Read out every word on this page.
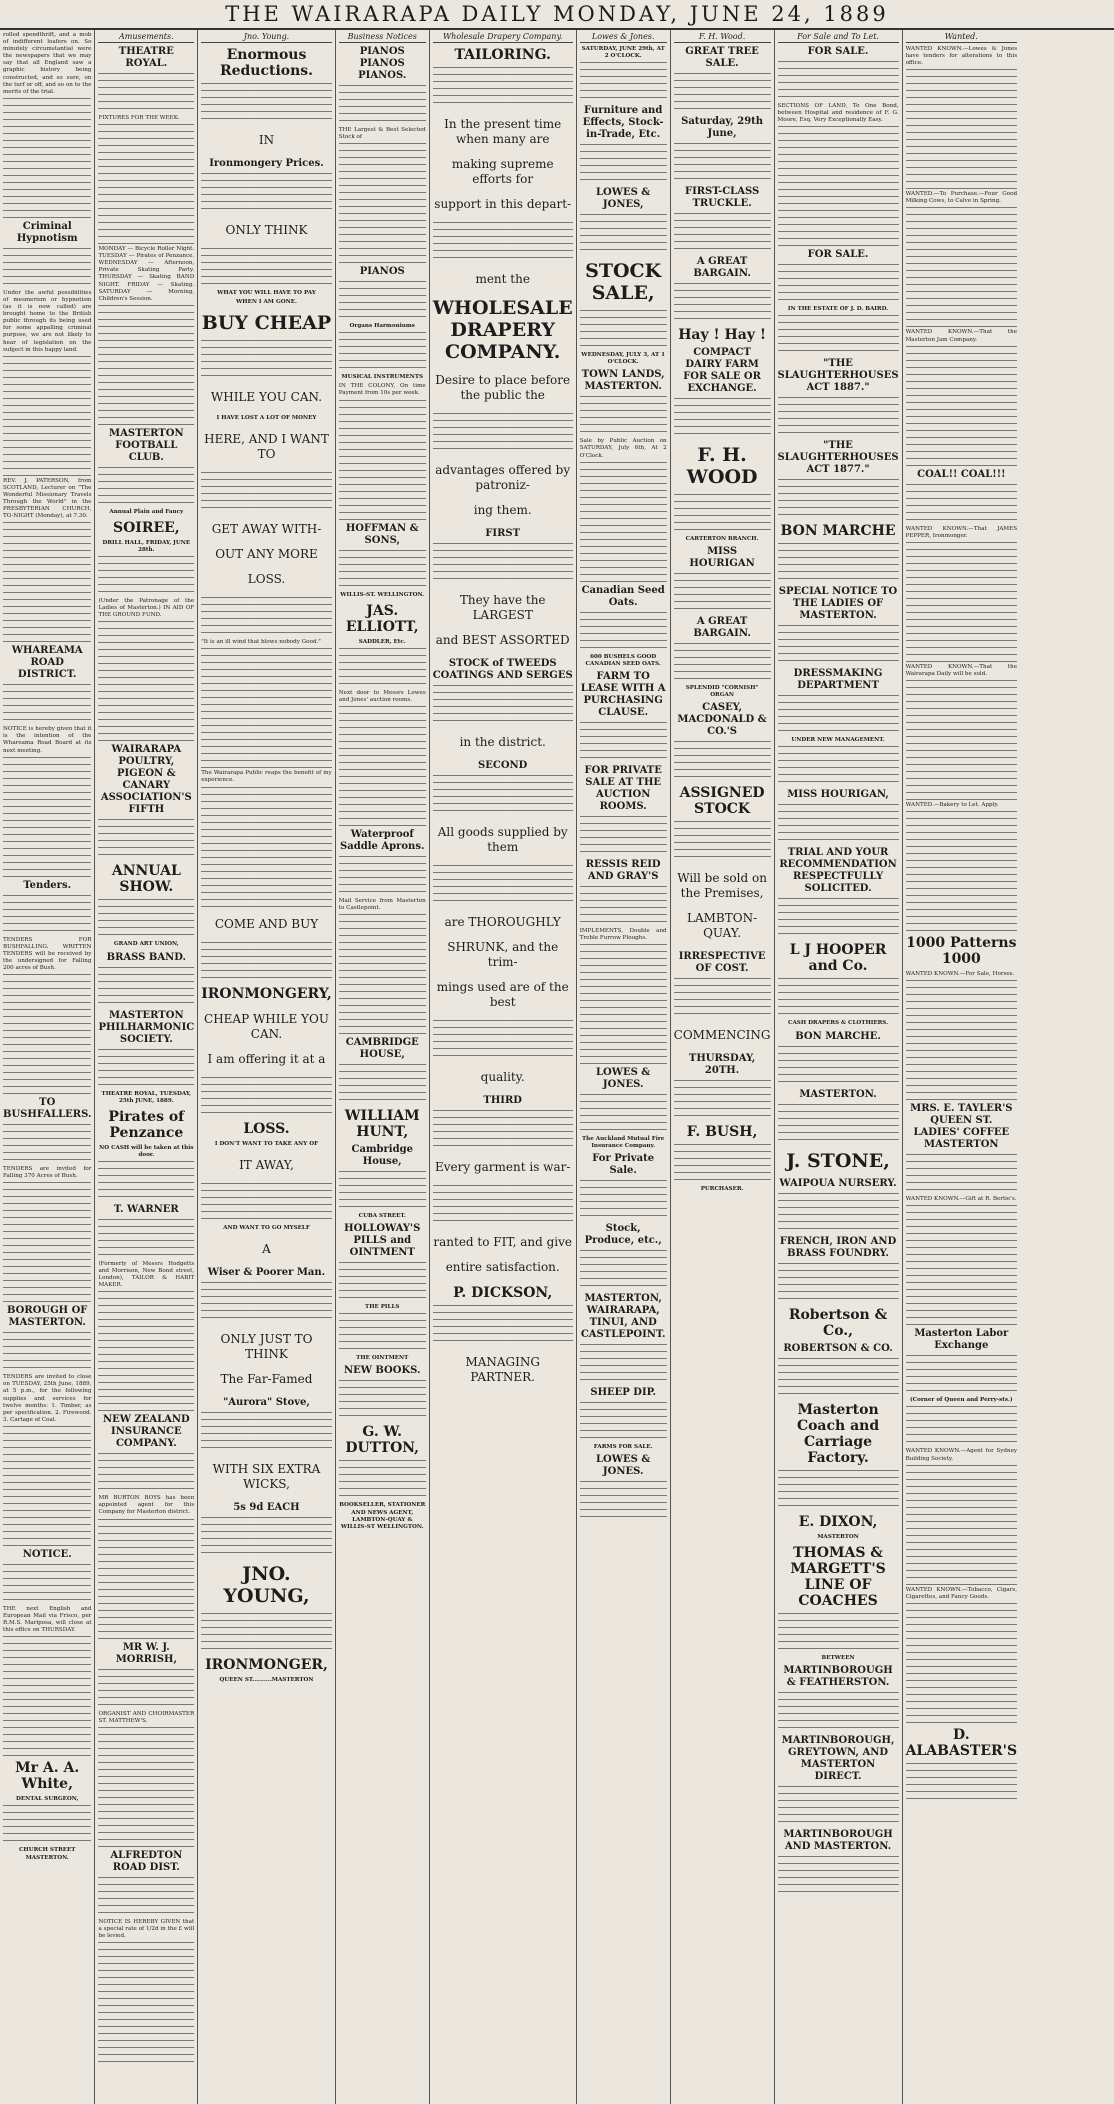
THE WAIRARAPA DAILY MONDAY, JUNE 24, 1889
rolled spendthrift, and a mob of indifferent loafers on. So minutely circumstantial were the newspapers that we may say that all England saw a graphic history being constructed, and so sure, on the turf or off, and so on to the merits of the trial.
Criminal Hypnotism
Under the awful possibilities of mesmerism or hypnotism (as it is now called) are brought home to the British public through its being used for some appalling criminal purpose, we are not likely to hear of legislation on the subject in this happy land.
REV. J. PATERSON, from SCOTLAND, Lecturer on "The Wonderful Missionary Travels Through the World" in the PRESBYTERIAN CHURCH, TO-NIGHT (Monday), at 7.30.
WHAREAMA ROAD DISTRICT.
NOTICE is hereby given that it is the intention of the Whareama Road Board at its next meeting.
Tenders.
TENDERS FOR BUSHFALLING. WRITTEN TENDERS will be received by the undersigned for Falling 200 acres of Bush.
TO BUSHFALLERS.
TENDERS are invited for Falling 370 Acres of Bush.
BOROUGH OF MASTERTON.
TENDERS are invited to close on TUESDAY, 25th June, 1889, at 5 p.m., for the following supplies and services for twelve months: 1. Timber, as per specification. 2. Firewood. 3. Cartage of Coal.
NOTICE.
THE next English and European Mail via Frisco, per R.M.S. Mariposa, will close at this office on THURSDAY.
Mr A. A. White,
DENTAL SURGEON,
CHURCH STREET MASTERTON.
Amusements.
THEATRE ROYAL.
FIXTURES FOR THE WEEK.
MONDAY — Bicycle Roller Night. TUESDAY — Pirates of Penzance. WEDNESDAY — Afternoon, Private Skating Party. THURSDAY — Skating BAND NIGHT. FRIDAY — Skating. SATURDAY — Morning, Children's Session.
MASTERTON FOOTBALL CLUB.
Annual Plain and Fancy
SOIREE,
DRILL HALL, FRIDAY, JUNE 28th.
(Under the Patronage of the Ladies of Masterton.) IN AID OF THE GROUND FUND.
WAIRARAPA POULTRY, PIGEON & CANARY ASSOCIATION'S FIFTH
ANNUAL SHOW.
GRAND ART UNION,
BRASS BAND.
MASTERTON PHILHARMONIC SOCIETY.
THEATRE ROYAL, TUESDAY, 25th JUNE, 1889.
Pirates of Penzance
NO CASH will be taken at this door.
T. WARNER
(Formerly of Messrs Hodgetts and Morrison, New Bond street, London), TAILOR & HABIT MAKER.
NEW ZEALAND INSURANCE COMPANY.
MR BURTON BOYS has been appointed agent for this Company for Masterton district.
MR W. J. MORRISH,
ORGANIST AND CHOIRMASTER ST. MATTHEW'S.
ALFREDTON ROAD DIST.
NOTICE IS HEREBY GIVEN that a special rate of 1/2d in the £ will be levied.
Jno. Young.
Enormous Reductions.
IN
Ironmongery Prices.
ONLY THINK
WHAT YOU WILL HAVE TO PAY
WHEN I AM GONE.
BUY CHEAP
WHILE YOU CAN.
I HAVE LOST A LOT OF MONEY
HERE, AND I WANT TO
GET AWAY WITH-
OUT ANY MORE
LOSS.
"It is an ill wind that blows nobody Good."
The Wairarapa Public reaps the benefit of my experience.
COME AND BUY
IRONMONGERY,
CHEAP WHILE YOU CAN.
I am offering it at a
LOSS.
I DON'T WANT TO TAKE ANY OF
IT AWAY,
AND WANT TO GO MYSELF
A
Wiser & Poorer Man.
ONLY JUST TO THINK
The Far-Famed
"Aurora" Stove,
WITH SIX EXTRA WICKS,
5s 9d EACH
JNO. YOUNG,
IRONMONGER,
QUEEN ST..........MASTERTON
Business Notices
PIANOS PIANOS PIANOS.
THE Largest & Best Selected Stock of
PIANOS
Organs Harmoniums
MUSICAL INSTRUMENTS
IN THE COLONY, On time Payment from 10s per week.
HOFFMAN & SONS,
WILLIS-ST. WELLINGTON.
JAS. ELLIOTT,
SADDLER, Etc.
Next door to Messrs Lowes and Jones' auction rooms.
Waterproof Saddle Aprons.
Mail Service from Masterton to Castlepoint.
CAMBRIDGE HOUSE,
WILLIAM HUNT,
Cambridge House,
CUBA STREET.
HOLLOWAY'S PILLS and OINTMENT
THE PILLS
THE OINTMENT
NEW BOOKS.
G. W. DUTTON,
BOOKSELLER, STATIONER AND NEWS AGENT, LAMBTON-QUAY & WILLIS-ST WELLINGTON.
Wholesale Drapery Company.
TAILORING.
In the present time when many are
making supreme efforts for
support in this depart-
ment the
WHOLESALE DRAPERY COMPANY.
Desire to place before the public the
advantages offered by patroniz-
ing them.
FIRST
They have the LARGEST
and BEST ASSORTED
STOCK of TWEEDS COATINGS AND SERGES
in the district.
SECOND
All goods supplied by them
are THOROUGHLY
SHRUNK, and the trim-
mings used are of the best
quality.
THIRD
Every garment is war-
ranted to FIT, and give
entire satisfaction.
P. DICKSON,
MANAGING PARTNER.
Lowes & Jones.
SATURDAY, JUNE 29th, AT 2 O'CLOCK.
Furniture and Effects, Stock-in-Trade, Etc.
LOWES & JONES,
STOCK SALE,
WEDNESDAY, JULY 3, AT 1 O'CLOCK.
TOWN LANDS, MASTERTON.
Sale by Public Auction on SATURDAY, July 6th, At 2 O'Clock.
Canadian Seed Oats.
600 BUSHELS GOOD CANADIAN SEED OATS.
FARM TO LEASE WITH A PURCHASING CLAUSE.
FOR PRIVATE SALE AT THE AUCTION ROOMS.
RESSIS REID AND GRAY'S
IMPLEMENTS, Double and Treble Furrow Ploughs.
LOWES & JONES.
The Auckland Mutual Fire Insurance Company.
For Private Sale.
Stock, Produce, etc.,
MASTERTON, WAIRARAPA, TINUI, AND CASTLEPOINT.
SHEEP DIP.
FARMS FOR SALE.
LOWES & JONES.
F. H. Wood.
GREAT TREE SALE.
Saturday, 29th June,
FIRST-CLASS TRUCKLE.
A GREAT BARGAIN.
Hay ! Hay !
COMPACT DAIRY FARM FOR SALE OR EXCHANGE.
F. H. WOOD
CARTERTON BRANCH.
MISS HOURIGAN
A GREAT BARGAIN.
SPLENDID "CORNISH" ORGAN
CASEY, MACDONALD & CO.'S
ASSIGNED STOCK
Will be sold on the Premises,
LAMBTON-QUAY.
IRRESPECTIVE OF COST.
COMMENCING
THURSDAY, 20TH.
F. BUSH,
PURCHASER.
For Sale and To Let.
FOR SALE.
SECTIONS OF LAND, To One Bond, between Hospital and residence of F. G. Moore, Esq. Very Exceptionally Easy.
FOR SALE.
IN THE ESTATE OF J. D. BAIRD.
"THE SLAUGHTERHOUSES ACT 1887."
"THE SLAUGHTERHOUSES ACT 1877."
BON MARCHE
SPECIAL NOTICE TO THE LADIES OF MASTERTON.
DRESSMAKING DEPARTMENT
UNDER NEW MANAGEMENT.
MISS HOURIGAN,
TRIAL AND YOUR RECOMMENDATION RESPECTFULLY SOLICITED.
L J HOOPER and Co.
CASH DRAPERS & CLOTHIERS.
BON MARCHE.
MASTERTON.
J. STONE,
WAIPOUA NURSERY.
FRENCH, IRON AND BRASS FOUNDRY.
Robertson & Co.,
ROBERTSON & CO.
Masterton Coach and Carriage Factory.
E. DIXON,
MASTERTON
THOMAS & MARGETT'S LINE OF COACHES
BETWEEN
MARTINBOROUGH & FEATHERSTON.
MARTINBOROUGH, GREYTOWN, AND MASTERTON DIRECT.
MARTINBOROUGH AND MASTERTON.
Wanted.
WANTED KNOWN.—Lowes & Jones have tenders for alterations to this office.
WANTED.—To Purchase.—Four Good Milking Cows, to Calve in Spring.
WANTED KNOWN.—That the Masterton Jam Company.
COAL!! COAL!!!
WANTED KNOWN.—That JAMES PEPPER, Ironmonger.
WANTED KNOWN.—That the Wairarapa Daily will be sold.
WANTED.—Bakery to Let. Apply.
1000 Patterns 1000
WANTED KNOWN.—For Sale, Horses.
MRS. E. TAYLER'S QUEEN ST. LADIES' COFFEE MASTERTON
WANTED KNOWN.—Gift at R. Bertie's.
Masterton Labor Exchange
(Corner of Queen and Perry-sts.)
WANTED KNOWN.—Agent for Sydney Building Society.
WANTED KNOWN.—Tobacco, Cigars, Cigarettes, and Fancy Goods.
D. ALABASTER'S
